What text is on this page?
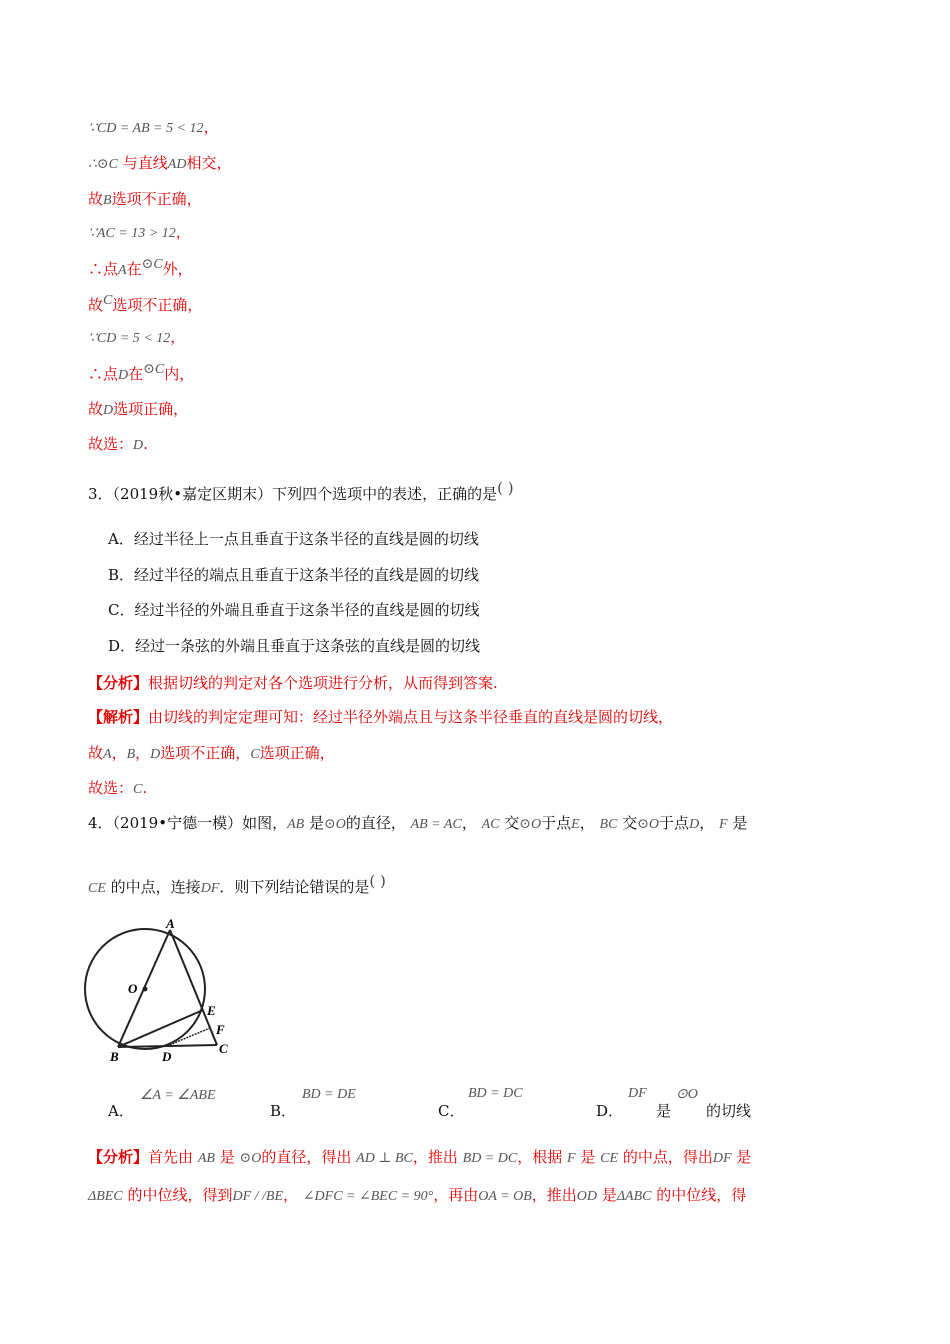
∵CD = AB = 5 < 12，
∴⊙C 与直线AD相交，
故B选项不正确，
∵AC = 13 > 12，
∴点A在⊙C外，
故C选项不正确，
∵CD = 5 < 12，
∴点D在⊙C内，
故D选项正确，
故选：D.
3．（2019秋•嘉定区期末）下列四个选项中的表述，正确的是( )
A．经过半径上一点且垂直于这条半径的直线是圆的切线
B．经过半径的端点且垂直于这条半径的直线是圆的切线
C．经过半径的外端且垂直于这条半径的直线是圆的切线
D．经过一条弦的外端且垂直于这条弦的直线是圆的切线
【分析】根据切线的判定对各个选项进行分析，从而得到答案.
【解析】由切线的判定定理可知：经过半径外端点且与这条半径垂直的直线是圆的切线，
故A，B，D选项不正确，C选项正确，
故选：C.
4．（2019•宁德一模）如图，AB 是⊙O的直径， AB = AC， AC 交⊙O于点E， BC 交⊙O于点D， F 是
CE 的中点，连接DF．则下列结论错误的是( )
A
O
E
F
B	D
C
A．
∠A = ∠ABE
B．
BD = DE
C．
BD = DC
D．
DF
是
⊙O
的切线
【分析】首先由 AB 是 ⊙O的直径，得出 AD ⊥ BC，推出 BD = DC，根据 F 是 CE 的中点，得出DF 是
ΔBEC 的中位线，得到DF / /BE， ∠DFC = ∠BEC = 90°，再由OA = OB，推出OD 是ΔABC 的中位线，得
